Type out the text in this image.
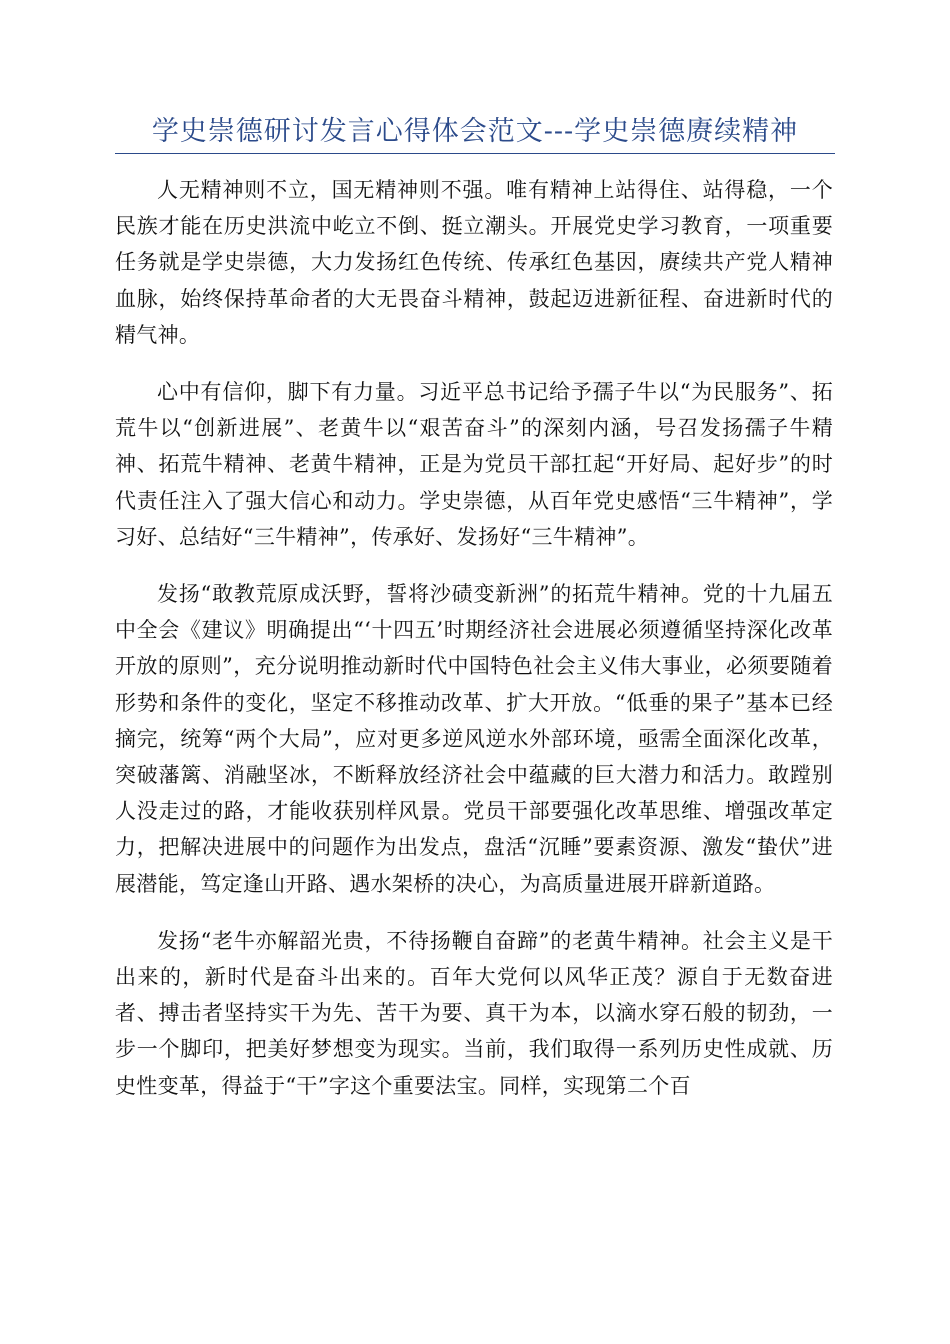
学史崇德研讨发言心得体会范文---学史崇德赓续精神

人无精神则不立，国无精神则不强。唯有精神上站得住、站得稳，一个民族才能在历史洪流中屹立不倒、挺立潮头。开展党史学习教育，一项重要任务就是学史崇德，大力发扬红色传统、传承红色基因，赓续共产党人精神血脉，始终保持革命者的大无畏奋斗精神，鼓起迈进新征程、奋进新时代的精气神。

心中有信仰，脚下有力量。习近平总书记给予孺子牛以“为民服务”、拓荒牛以“创新进展”、老黄牛以“艰苦奋斗”的深刻内涵，号召发扬孺子牛精神、拓荒牛精神、老黄牛精神，正是为党员干部扛起“开好局、起好步”的时代责任注入了强大信心和动力。学史崇德，从百年党史感悟“三牛精神”，学习好、总结好“三牛精神”，传承好、发扬好“三牛精神”。

发扬“敢教荒原成沃野，誓将沙碛变新洲”的拓荒牛精神。党的十九届五中全会《建议》明确提出“‘十四五’时期经济社会进展必须遵循坚持深化改革开放的原则”，充分说明推动新时代中国特色社会主义伟大事业，必须要随着形势和条件的变化，坚定不移推动改革、扩大开放。“低垂的果子”基本已经摘完，统筹“两个大局”，应对更多逆风逆水外部环境，亟需全面深化改革，突破藩篱、消融坚冰，不断释放经济社会中蕴藏的巨大潜力和活力。敢蹚别人没走过的路，才能收获别样风景。党员干部要强化改革思维、增强改革定力，把解决进展中的问题作为出发点，盘活“沉睡”要素资源、激发“蛰伏”进展潜能，笃定逢山开路、遇水架桥的决心，为高质量进展开辟新道路。

发扬“老牛亦解韶光贵，不待扬鞭自奋蹄”的老黄牛精神。社会主义是干出来的，新时代是奋斗出来的。百年大党何以风华正茂？源自于无数奋进者、搏击者坚持实干为先、苦干为要、真干为本，以滴水穿石般的韧劲，一步一个脚印，把美好梦想变为现实。当前，我们取得一系列历史性成就、历史性变革，得益于“干”字这个重要法宝。同样，实现第二个百
